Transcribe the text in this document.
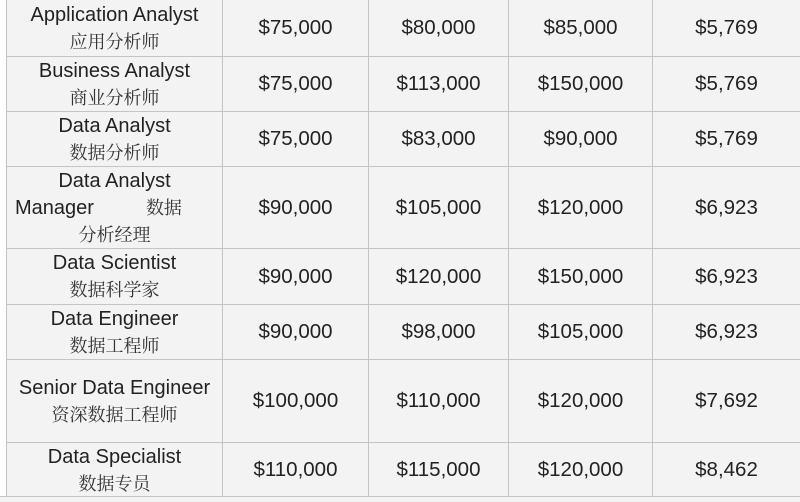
Application Analyst
应用分析师	$75,000	$80,000	$85,000	$5,769

Business Analyst
商业分析师	$75,000	$113,000	$150,000	$5,769

Data Analyst
数据分析师	$75,000	$83,000	$90,000	$5,769

Data Analyst
Manager 数据
分析经理	$90,000	$105,000	$120,000	$6,923

Data Scientist
数据科学家	$90,000	$120,000	$150,000	$6,923

Data Engineer
数据工程师	$90,000	$98,000	$105,000	$6,923

Senior Data Engineer
资深数据工程师	$100,000	$110,000	$120,000	$7,692

Data Specialist
数据专员	$110,000	$115,000	$120,000	$8,462
